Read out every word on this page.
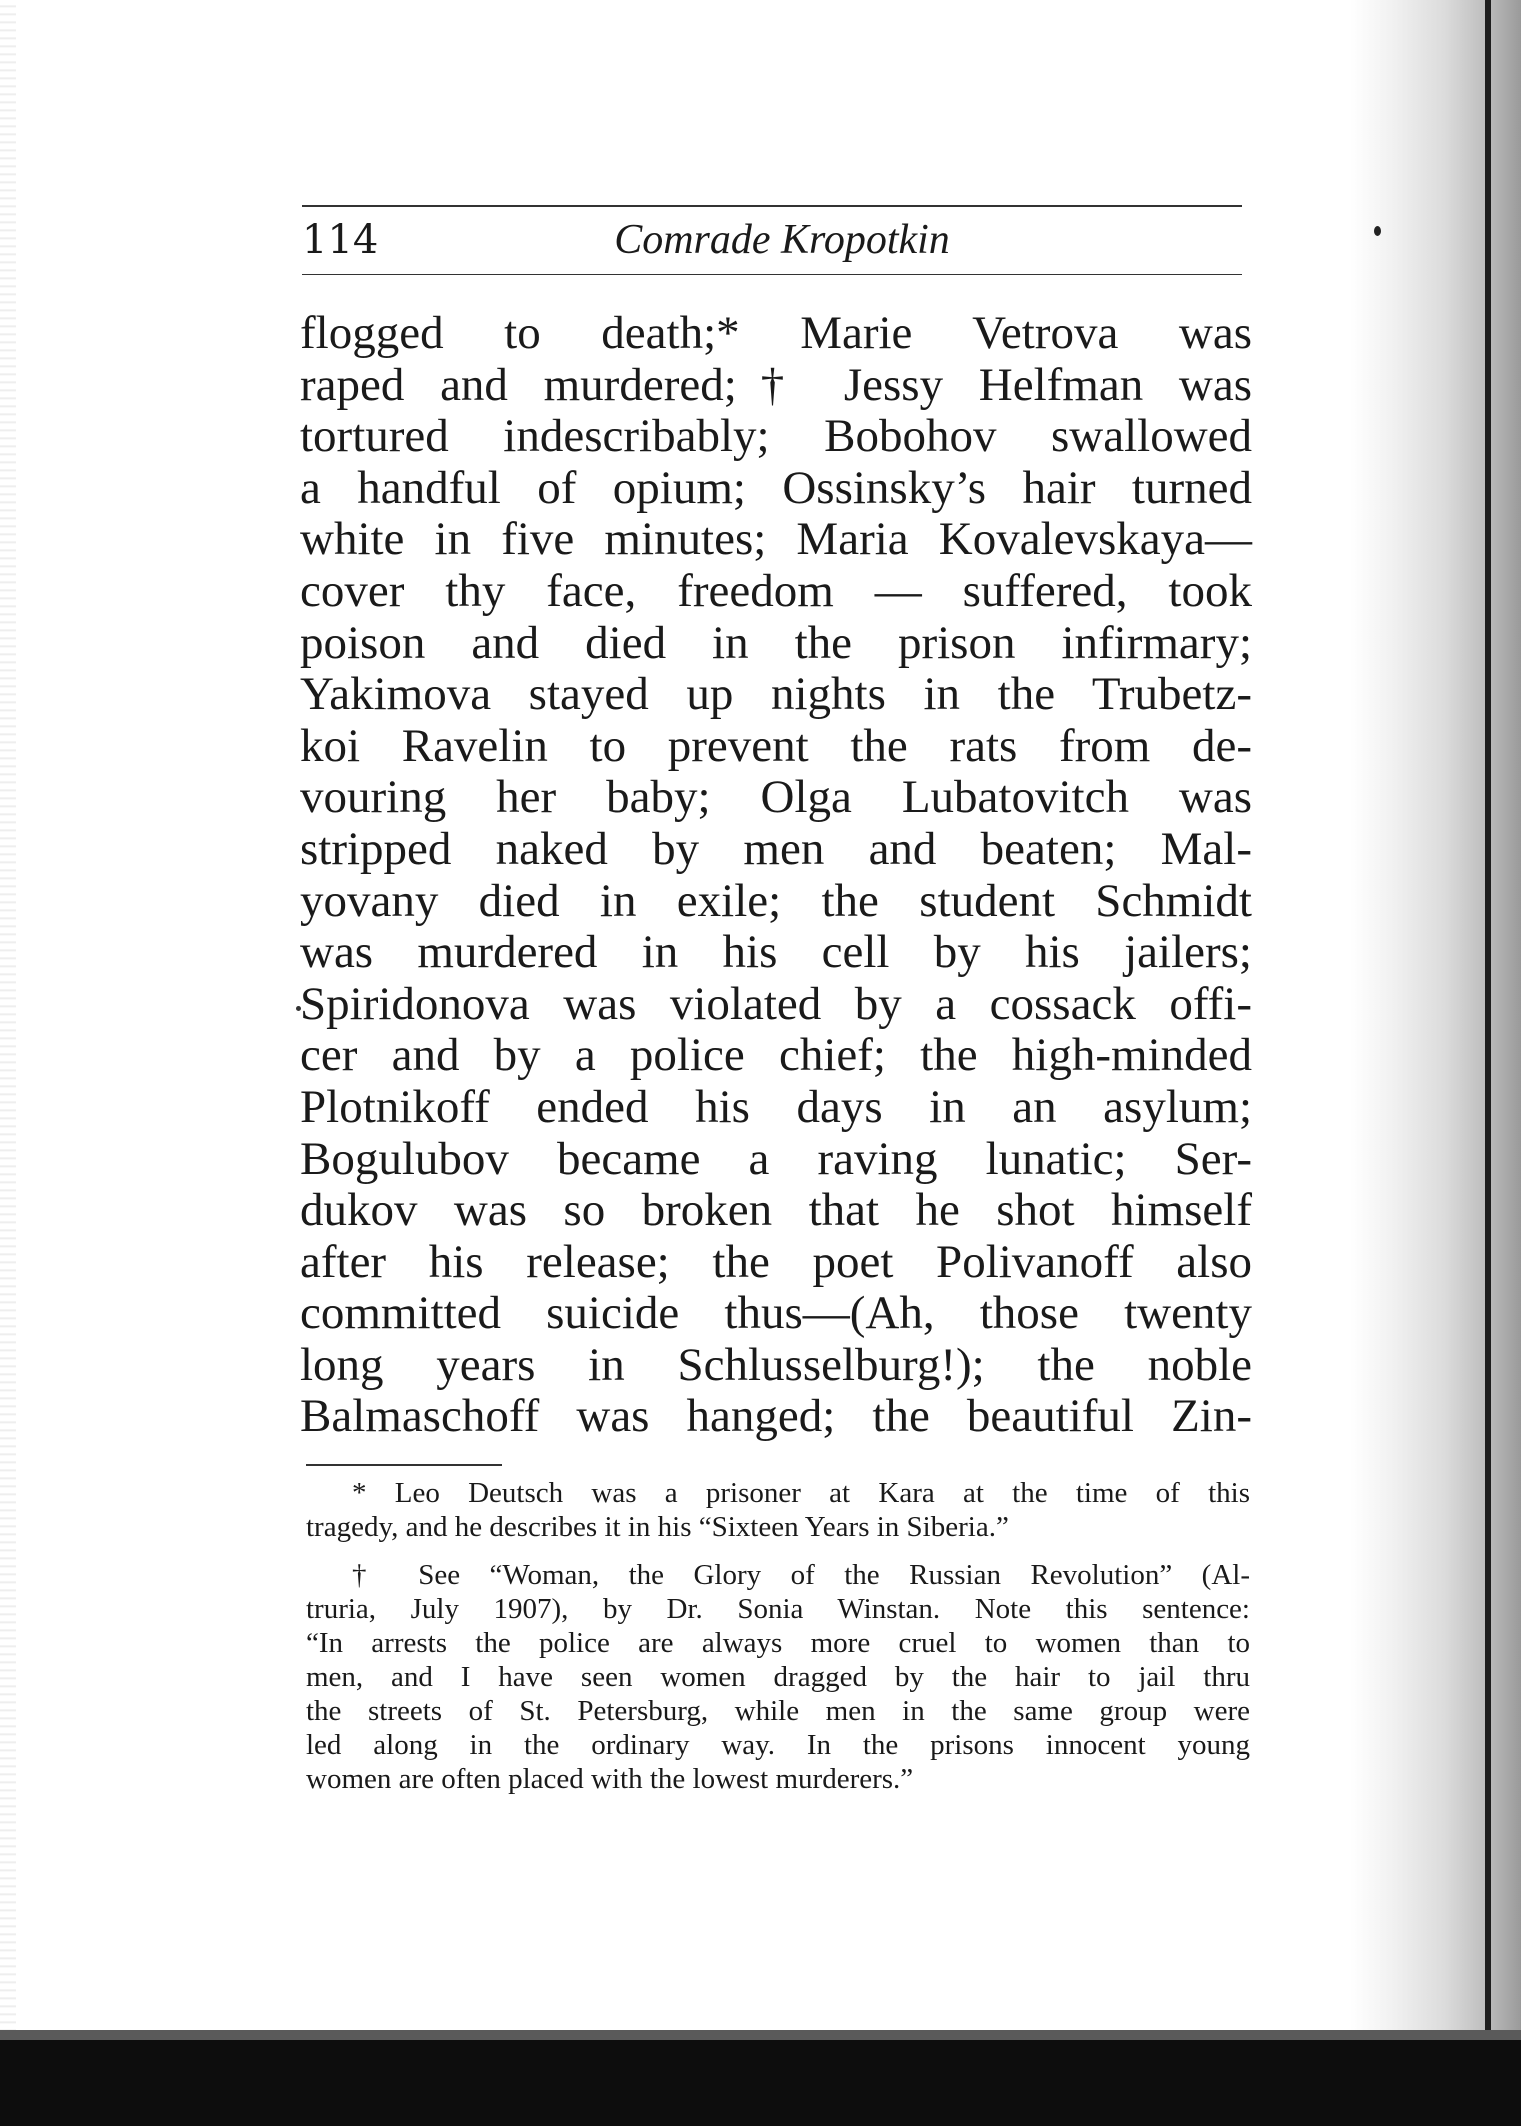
114	Comrade Kropotkin
flogged to death;* Marie Vetrova was
raped and murdered;† Jessy Helfman was
tortured indescribably; Bobohov swallowed
a handful of opium; Ossinsky’s hair turned
white in five minutes; Maria Kovalevskaya—
cover thy face, freedom — suffered, took
poison and died in the prison infirmary;
Yakimova stayed up nights in the Trubetz-
koi Ravelin to prevent the rats from de-
vouring her baby; Olga Lubatovitch was
stripped naked by men and beaten; Mal-
yovany died in exile; the student Schmidt
was murdered in his cell by his jailers;
Spiridonova was violated by a cossack offi-
cer and by a police chief; the high-minded
Plotnikoff ended his days in an asylum;
Bogulubov became a raving lunatic; Ser-
dukov was so broken that he shot himself
after his release; the poet Polivanoff also
committed suicide thus—(Ah, those twenty
long years in Schlusselburg!); the noble
Balmaschoff was hanged; the beautiful Zin-
* Leo Deutsch was a prisoner at Kara at the time of this
tragedy, and he describes it in his “Sixteen Years in Siberia.”
† See “Woman, the Glory of the Russian Revolution” (Al-
truria, July 1907), by Dr. Sonia Winstan. Note this sentence:
“In arrests the police are always more cruel to women than to
men, and I have seen women dragged by the hair to jail thru
the streets of St. Petersburg, while men in the same group were
led along in the ordinary way. In the prisons innocent young
women are often placed with the lowest murderers.”
